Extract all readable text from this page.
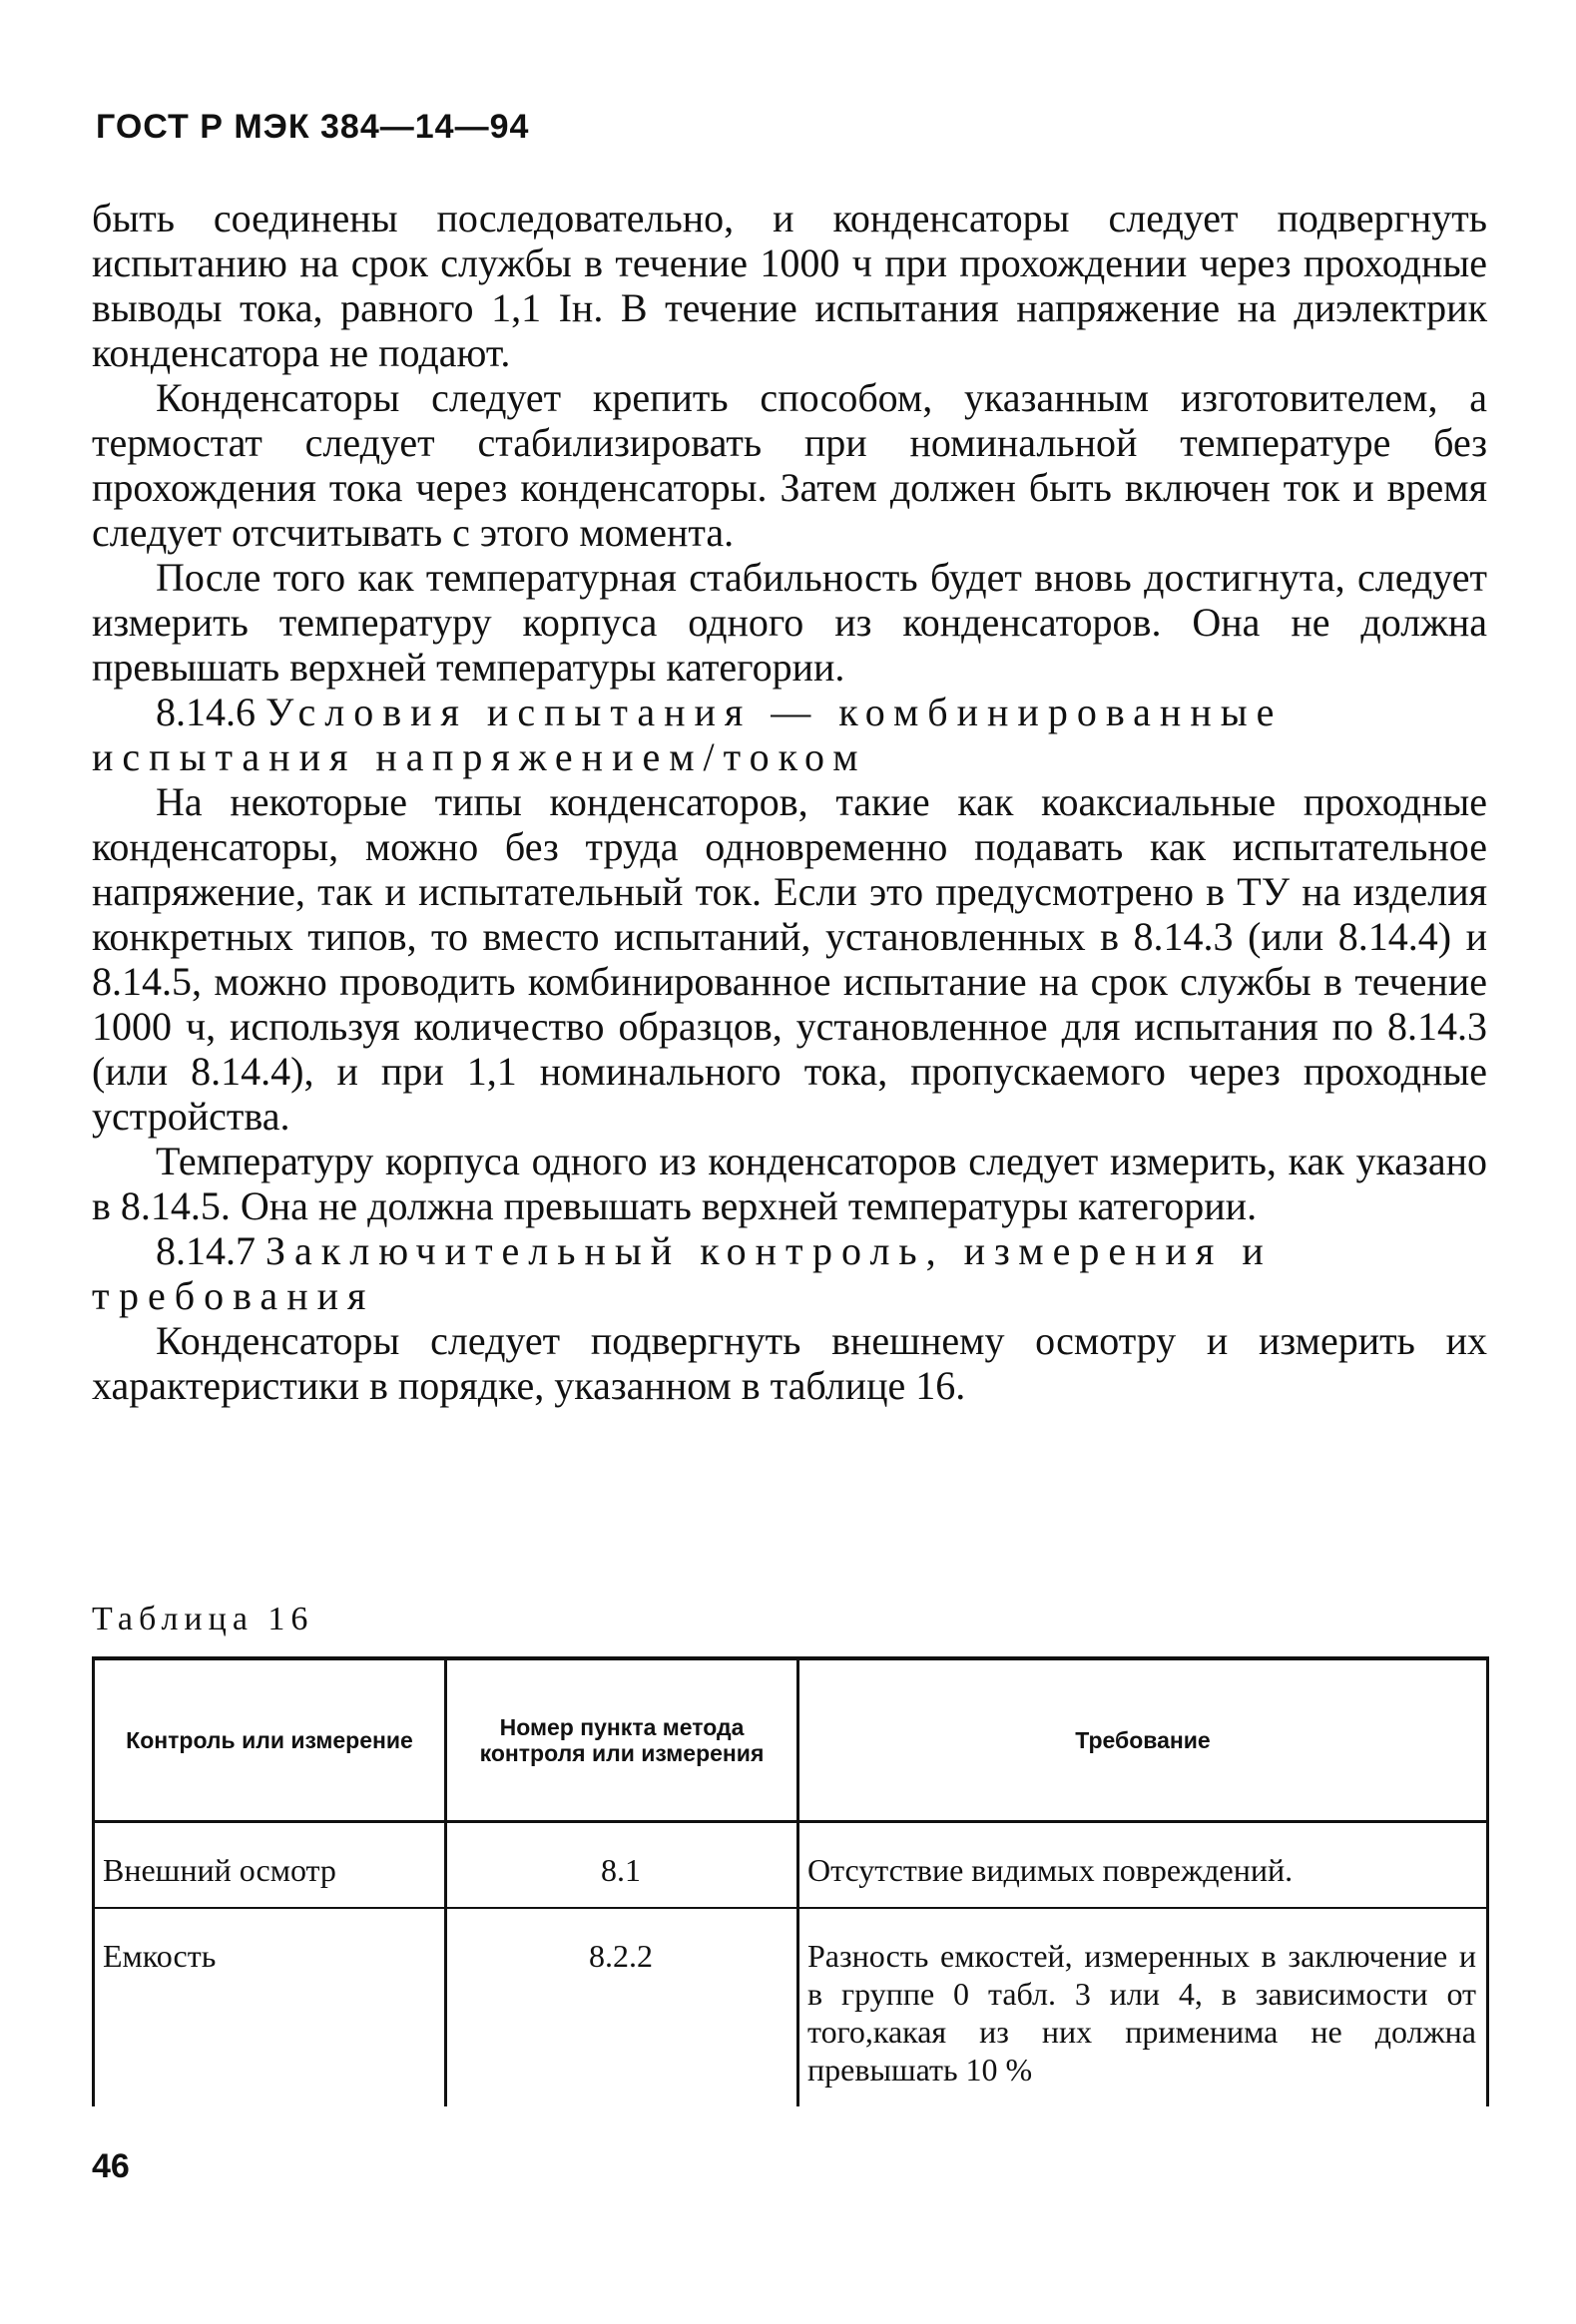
ГОСТ Р МЭК 384—14—94

быть соединены последовательно, и конденсаторы следует подвергнуть испытанию на срок службы в течение 1000 ч при прохождении через проходные выводы тока, равного 1,1 Iн. В течение испытания напряжение на диэлектрик конденсатора не подают.

Конденсаторы следует крепить способом, указанным изготовителем, а термостат следует стабилизировать при номинальной температуре без прохождения тока через конденсаторы. Затем должен быть включен ток и время следует отсчитывать с этого момента.

После того как температурная стабильность будет вновь достигнута, следует измерить температуру корпуса одного из конденсаторов. Она не должна превышать верхней температуры категории.

8.14.6 Условия испытания — комбинированные испытания напряжением/током

На некоторые типы конденсаторов, такие как коаксиальные проходные конденсаторы, можно без труда одновременно подавать как испытательное напряжение, так и испытательный ток. Если это предусмотрено в ТУ на изделия конкретных типов, то вместо испытаний, установленных в 8.14.3 (или 8.14.4) и 8.14.5, можно проводить комбинированное испытание на срок службы в течение 1000 ч, используя количество образцов, установленное для испытания по 8.14.3 (или 8.14.4), и при 1,1 номинального тока, пропускаемого через проходные устройства.

Температуру корпуса одного из конденсаторов следует измерить, как указано в 8.14.5. Она не должна превышать верхней температуры категории.

8.14.7 Заключительный контроль, измерения и требования

Конденсаторы следует подвергнуть внешнему осмотру и измерить их характеристики в порядке, указанном в таблице 16.

Таблица 16
Контроль или измерение	Номер пункта метода контроля или измерения	Требование
Внешний осмотр	8.1	Отсутствие видимых повреждений.
Емкость	8.2.2	Разность емкостей, измеренных в заключение и в группе 0 табл. 3 или 4, в зависимости от того,какая из них применима не должна превышать 10 %
46
